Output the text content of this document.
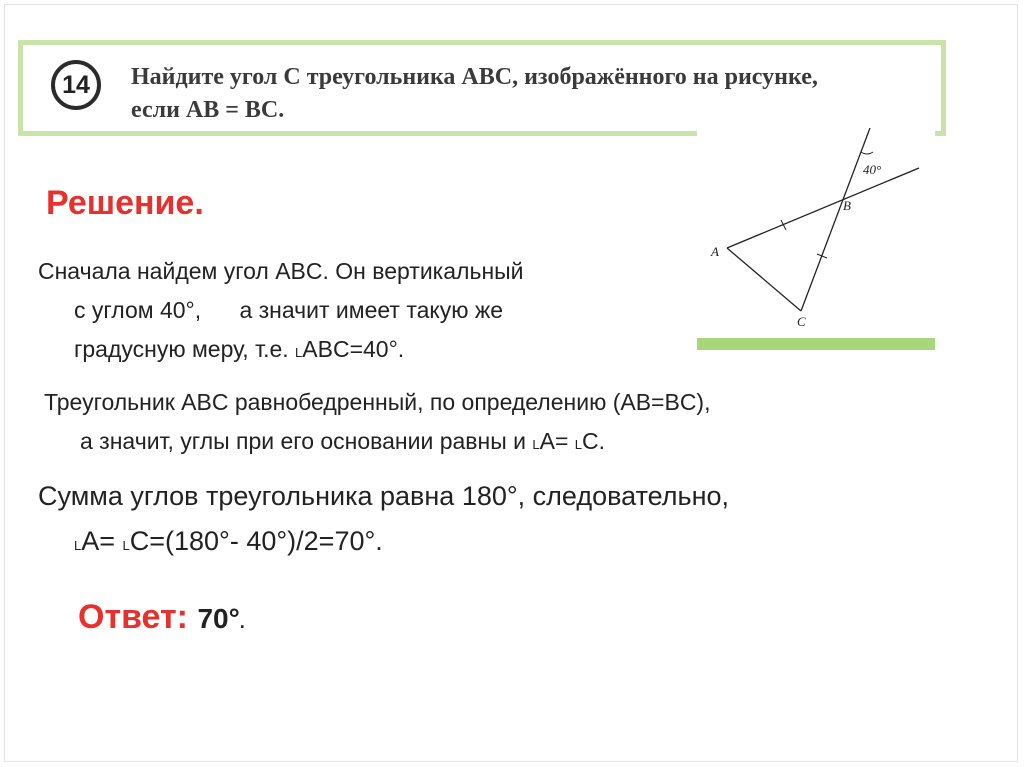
14	Найдите угол C треугольника ABC, изображённого на рисунке,
если AB = BC.
40°
A
B
C
Решение.
Сначала найдем угол ABC. Он вертикальный
с углом 40°,      а значит имеет такую же
градусную меру, т.е. LABC=40°.
Треугольник ABC равнобедренный, по определению (AB=BC),
а значит, углы при его основании равны и LA= LC.
Сумма углов треугольника равна 180°, следовательно,
LA= LC=(180°- 40°)/2=70°.
Ответ: 70°.
